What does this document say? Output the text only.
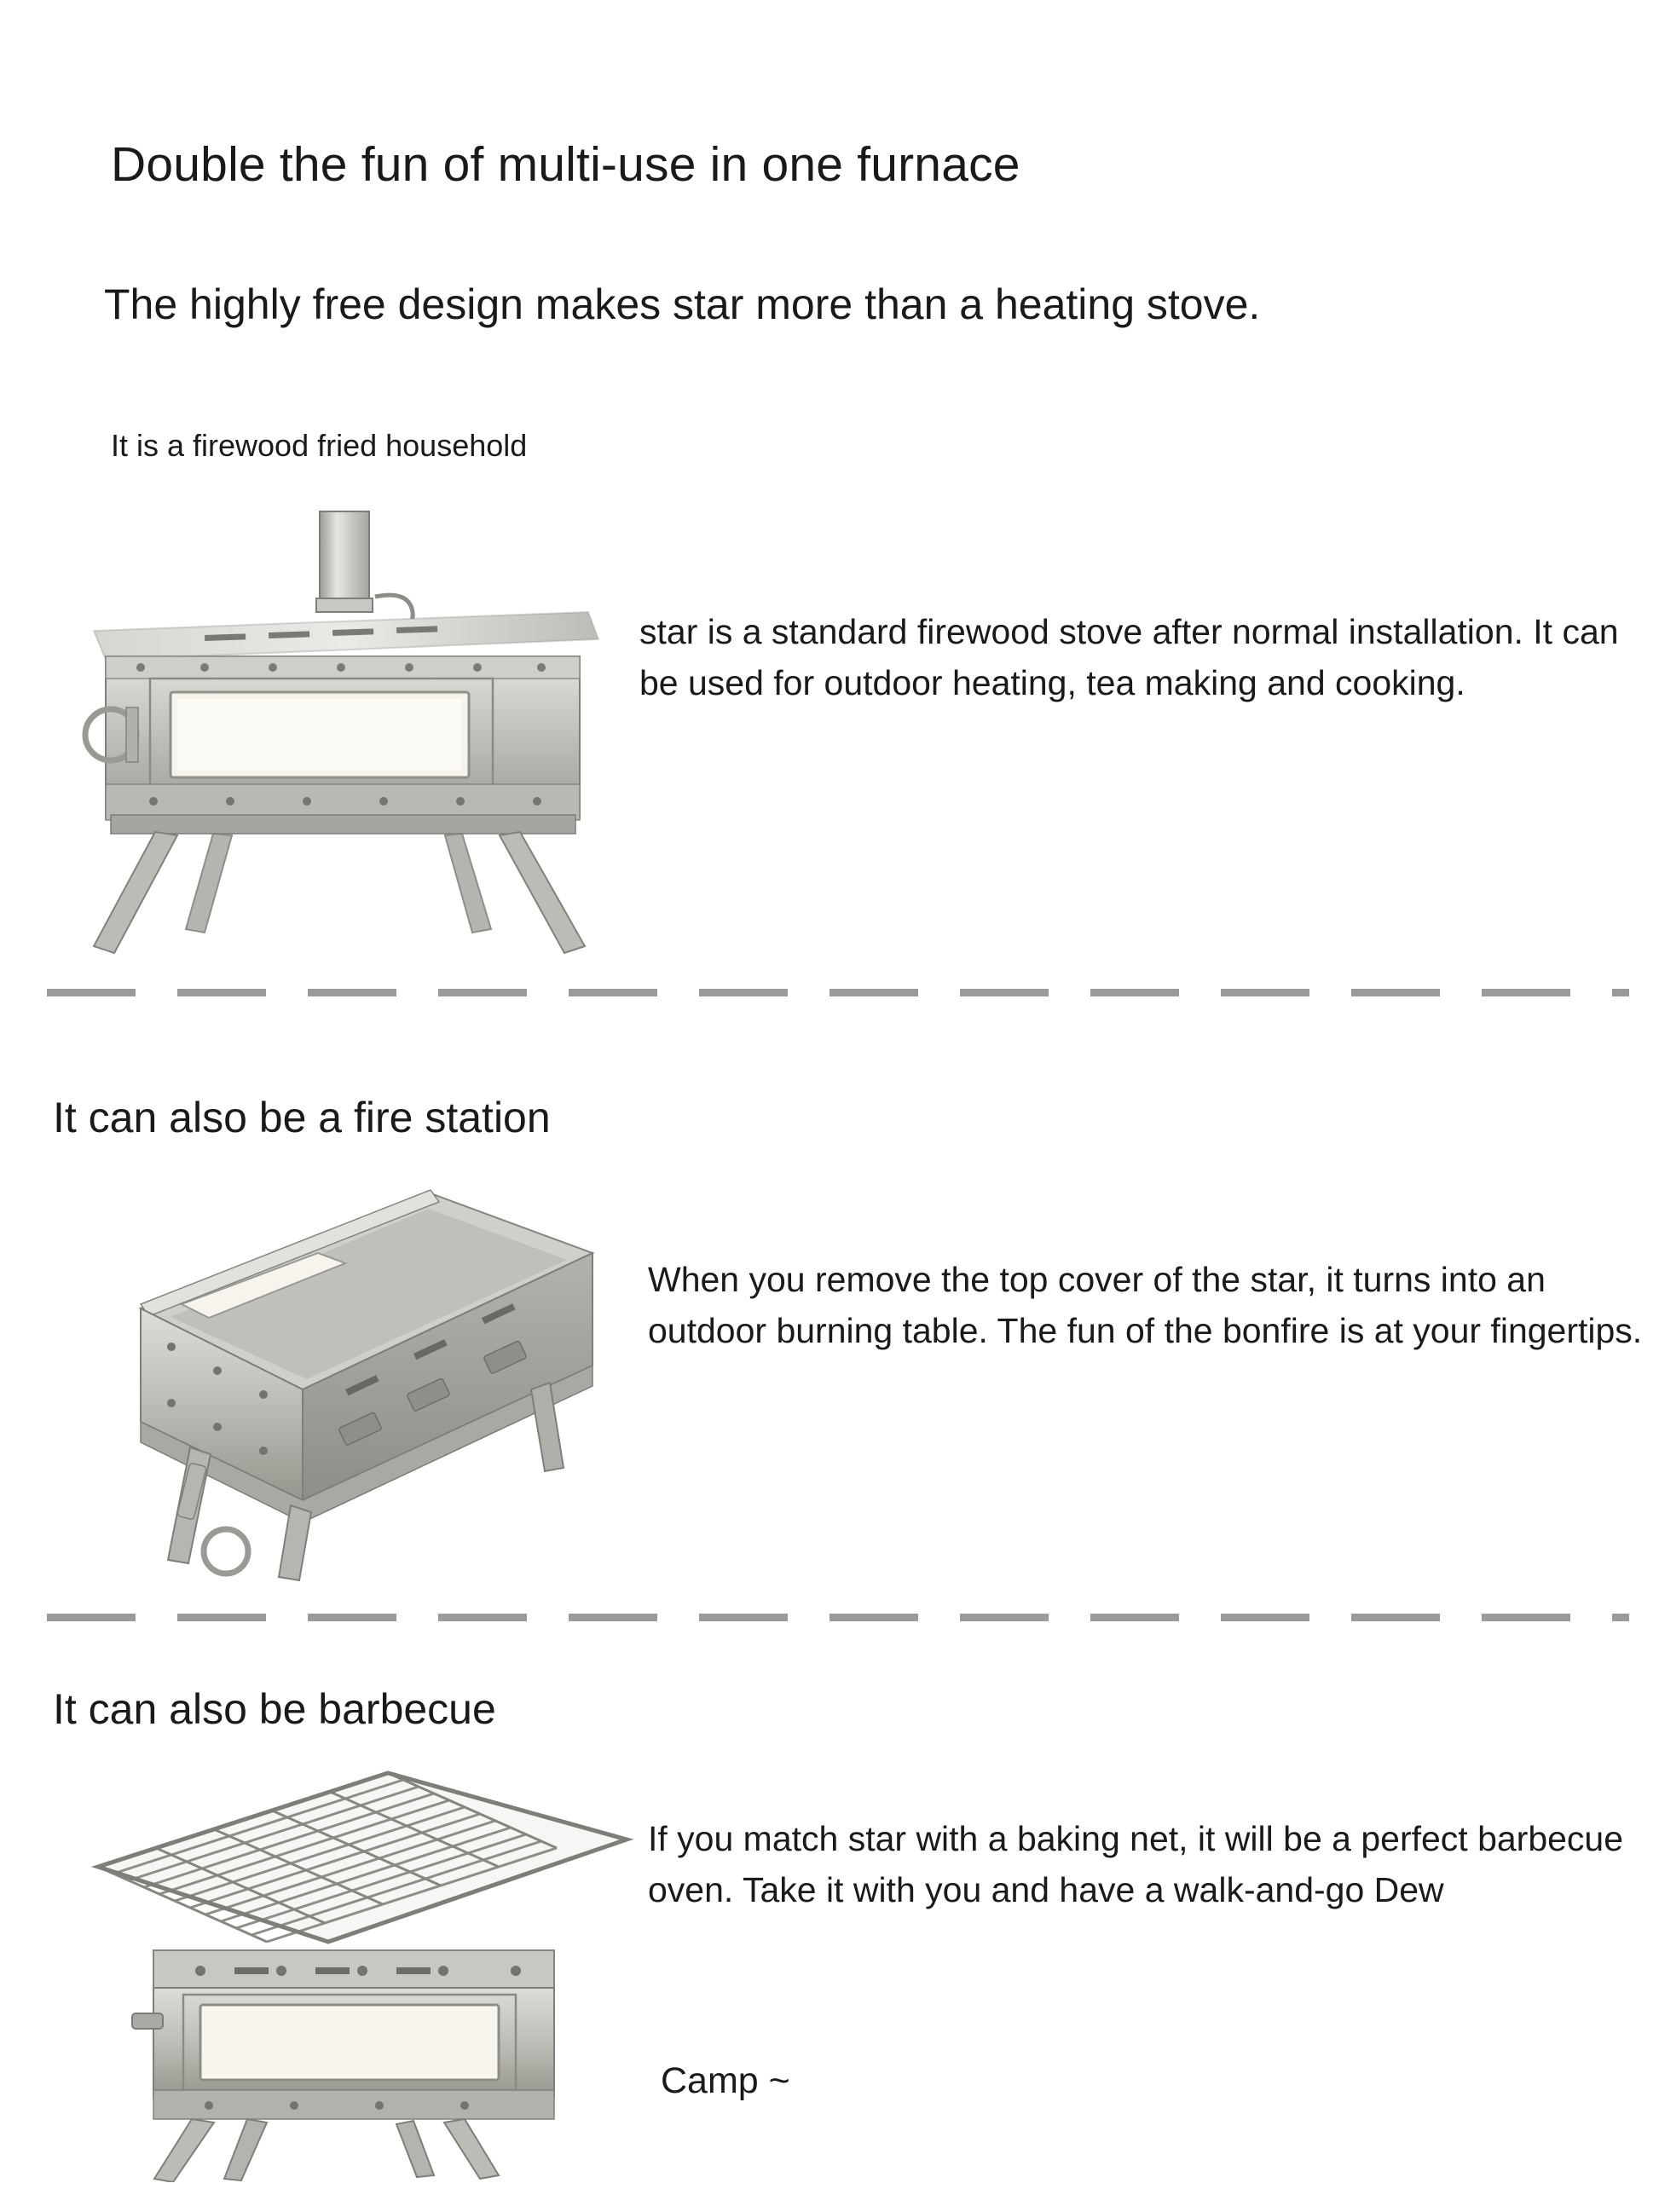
Double the fun of multi-use in one furnace
The highly free design makes star more than a heating stove.
It is a firewood fried household
star is a standard firewood stove after normal installation. It can be used for outdoor heating, tea making and cooking.
It can also be a fire station
When you remove the top cover of the star, it turns into an outdoor burning table. The fun of the bonfire is at your fingertips.
It can also be barbecue
If you match star with a baking net, it will be a perfect barbecue oven. Take it with you and have a walk-and-go Dew
Camp ~
